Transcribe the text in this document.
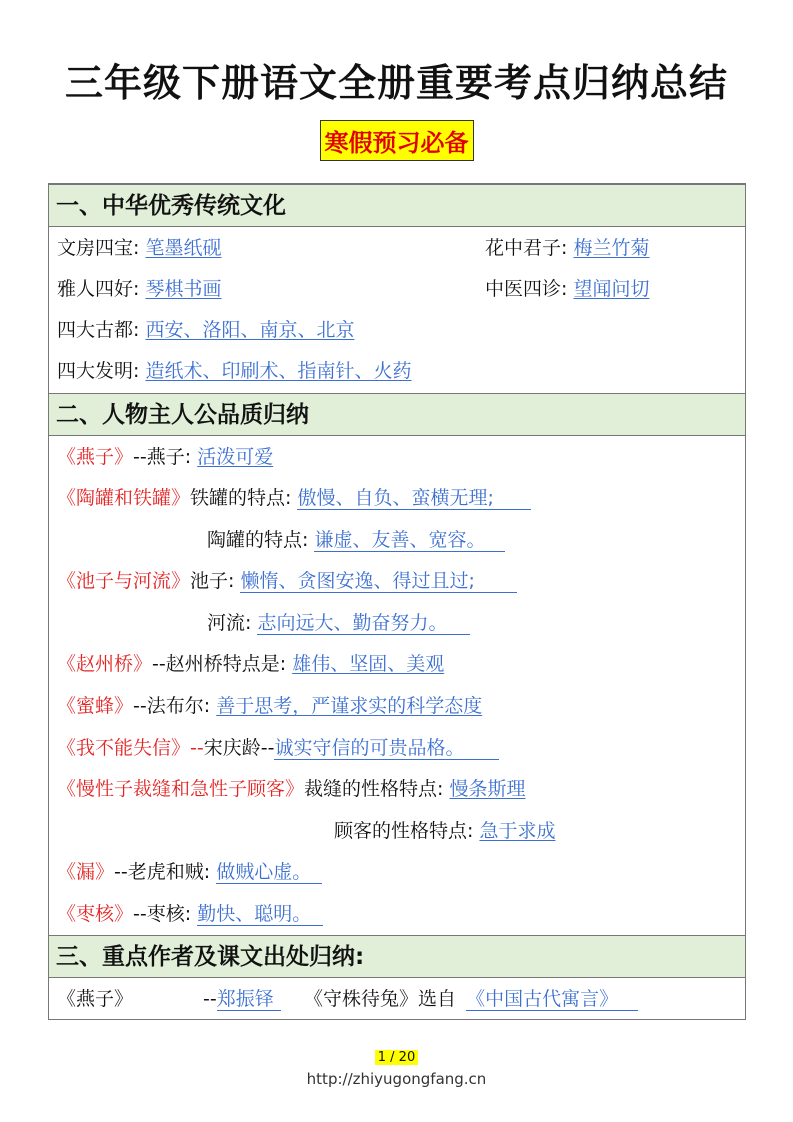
三年级下册语文全册重要考点归纳总结
寒假预习必备
一、中华优秀传统文化
文房四宝: 笔墨纸砚	花中君子: 梅兰竹菊
雅人四好: 琴棋书画	中医四诊: 望闻问切
四大古都: 西安、洛阳、南京、北京
四大发明: 造纸术、印刷术、指南针、火药
二、人物主人公品质归纳
《燕子》--燕子: 活泼可爱
《陶罐和铁罐》铁罐的特点: 傲慢、自负、蛮横无理;
陶罐的特点: 谦虚、友善、宽容。
《池子与河流》池子: 懒惰、贪图安逸、得过且过;
河流: 志向远大、勤奋努力。
《赵州桥》--赵州桥特点是: 雄伟、坚固、美观
《蜜蜂》--法布尔: 善于思考，严谨求实的科学态度
《我不能失信》--宋庆龄--诚实守信的可贵品格。
《慢性子裁缝和急性子顾客》裁缝的性格特点: 慢条斯理
顾客的性格特点: 急于求成
《漏》--老虎和贼: 做贼心虚。
《枣核》--枣核: 勤快、聪明。
三、重点作者及课文出处归纳:
《燕子》	--郑振铎	《守株待兔》选自 《中国古代寓言》
1 / 20
http://zhiyugongfang.cn
